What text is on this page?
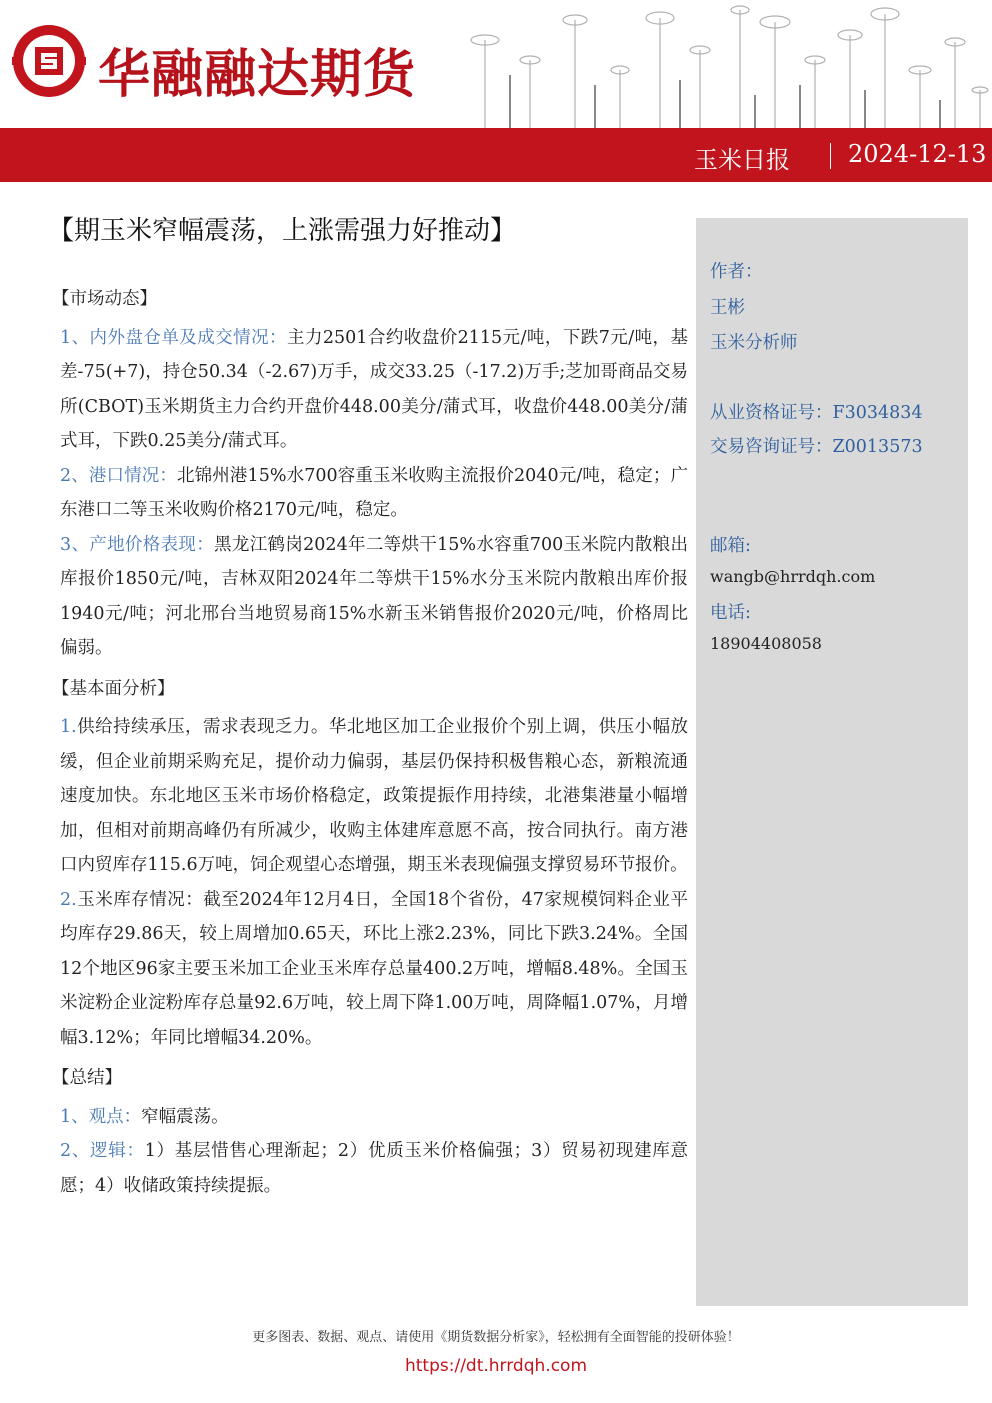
华融融达期货
玉米日报 2024-12-13
【期玉米窄幅震荡，上涨需强力好推动】
【市场动态】

1、内外盘仓单及成交情况：主力2501合约收盘价2115元/吨，下跌7元/吨，基差-75(+7)，持仓50.34（-2.67)万手，成交33.25（-17.2)万手;芝加哥商品交易所(CBOT)玉米期货主力合约开盘价448.00美分/蒲式耳，收盘价448.00美分/蒲式耳，下跌0.25美分/蒲式耳。

2、港口情况：北锦州港15%水700容重玉米收购主流报价2040元/吨，稳定；广东港口二等玉米收购价格2170元/吨，稳定。

3、产地价格表现：黑龙江鹤岗2024年二等烘干15%水容重700玉米院内散粮出库报价1850元/吨，吉林双阳2024年二等烘干15%水分玉米院内散粮出库价报1940元/吨；河北邢台当地贸易商15%水新玉米销售报价2020元/吨，价格周比偏弱。

【基本面分析】

1.供给持续承压，需求表现乏力。华北地区加工企业报价个别上调，供压小幅放缓，但企业前期采购充足，提价动力偏弱，基层仍保持积极售粮心态，新粮流通速度加快。东北地区玉米市场价格稳定，政策提振作用持续，北港集港量小幅增加，但相对前期高峰仍有所减少，收购主体建库意愿不高，按合同执行。南方港口内贸库存115.6万吨，饲企观望心态增强，期玉米表现偏强支撑贸易环节报价。

2.玉米库存情况：截至2024年12月4日，全国18个省份，47家规模饲料企业平均库存29.86天，较上周增加0.65天，环比上涨2.23%，同比下跌3.24%。全国12个地区96家主要玉米加工企业玉米库存总量400.2万吨，增幅8.48%。全国玉米淀粉企业淀粉库存总量92.6万吨，较上周下降1.00万吨，周降幅1.07%，月增幅3.12%；年同比增幅34.20%。

【总结】

1、观点：窄幅震荡。

2、逻辑：1）基层惜售心理渐起；2）优质玉米价格偏强；3）贸易初现建库意愿；4）收储政策持续提振。

作者：
王彬
玉米分析师
从业资格证号：F3034834
交易咨询证号：Z0013573
邮箱:
wangb@hrrdqh.com
电话:
18904408058
更多图表、数据、观点、请使用《期货数据分析家》，轻松拥有全面智能的投研体验！
https://dt.hrrdqh.com
